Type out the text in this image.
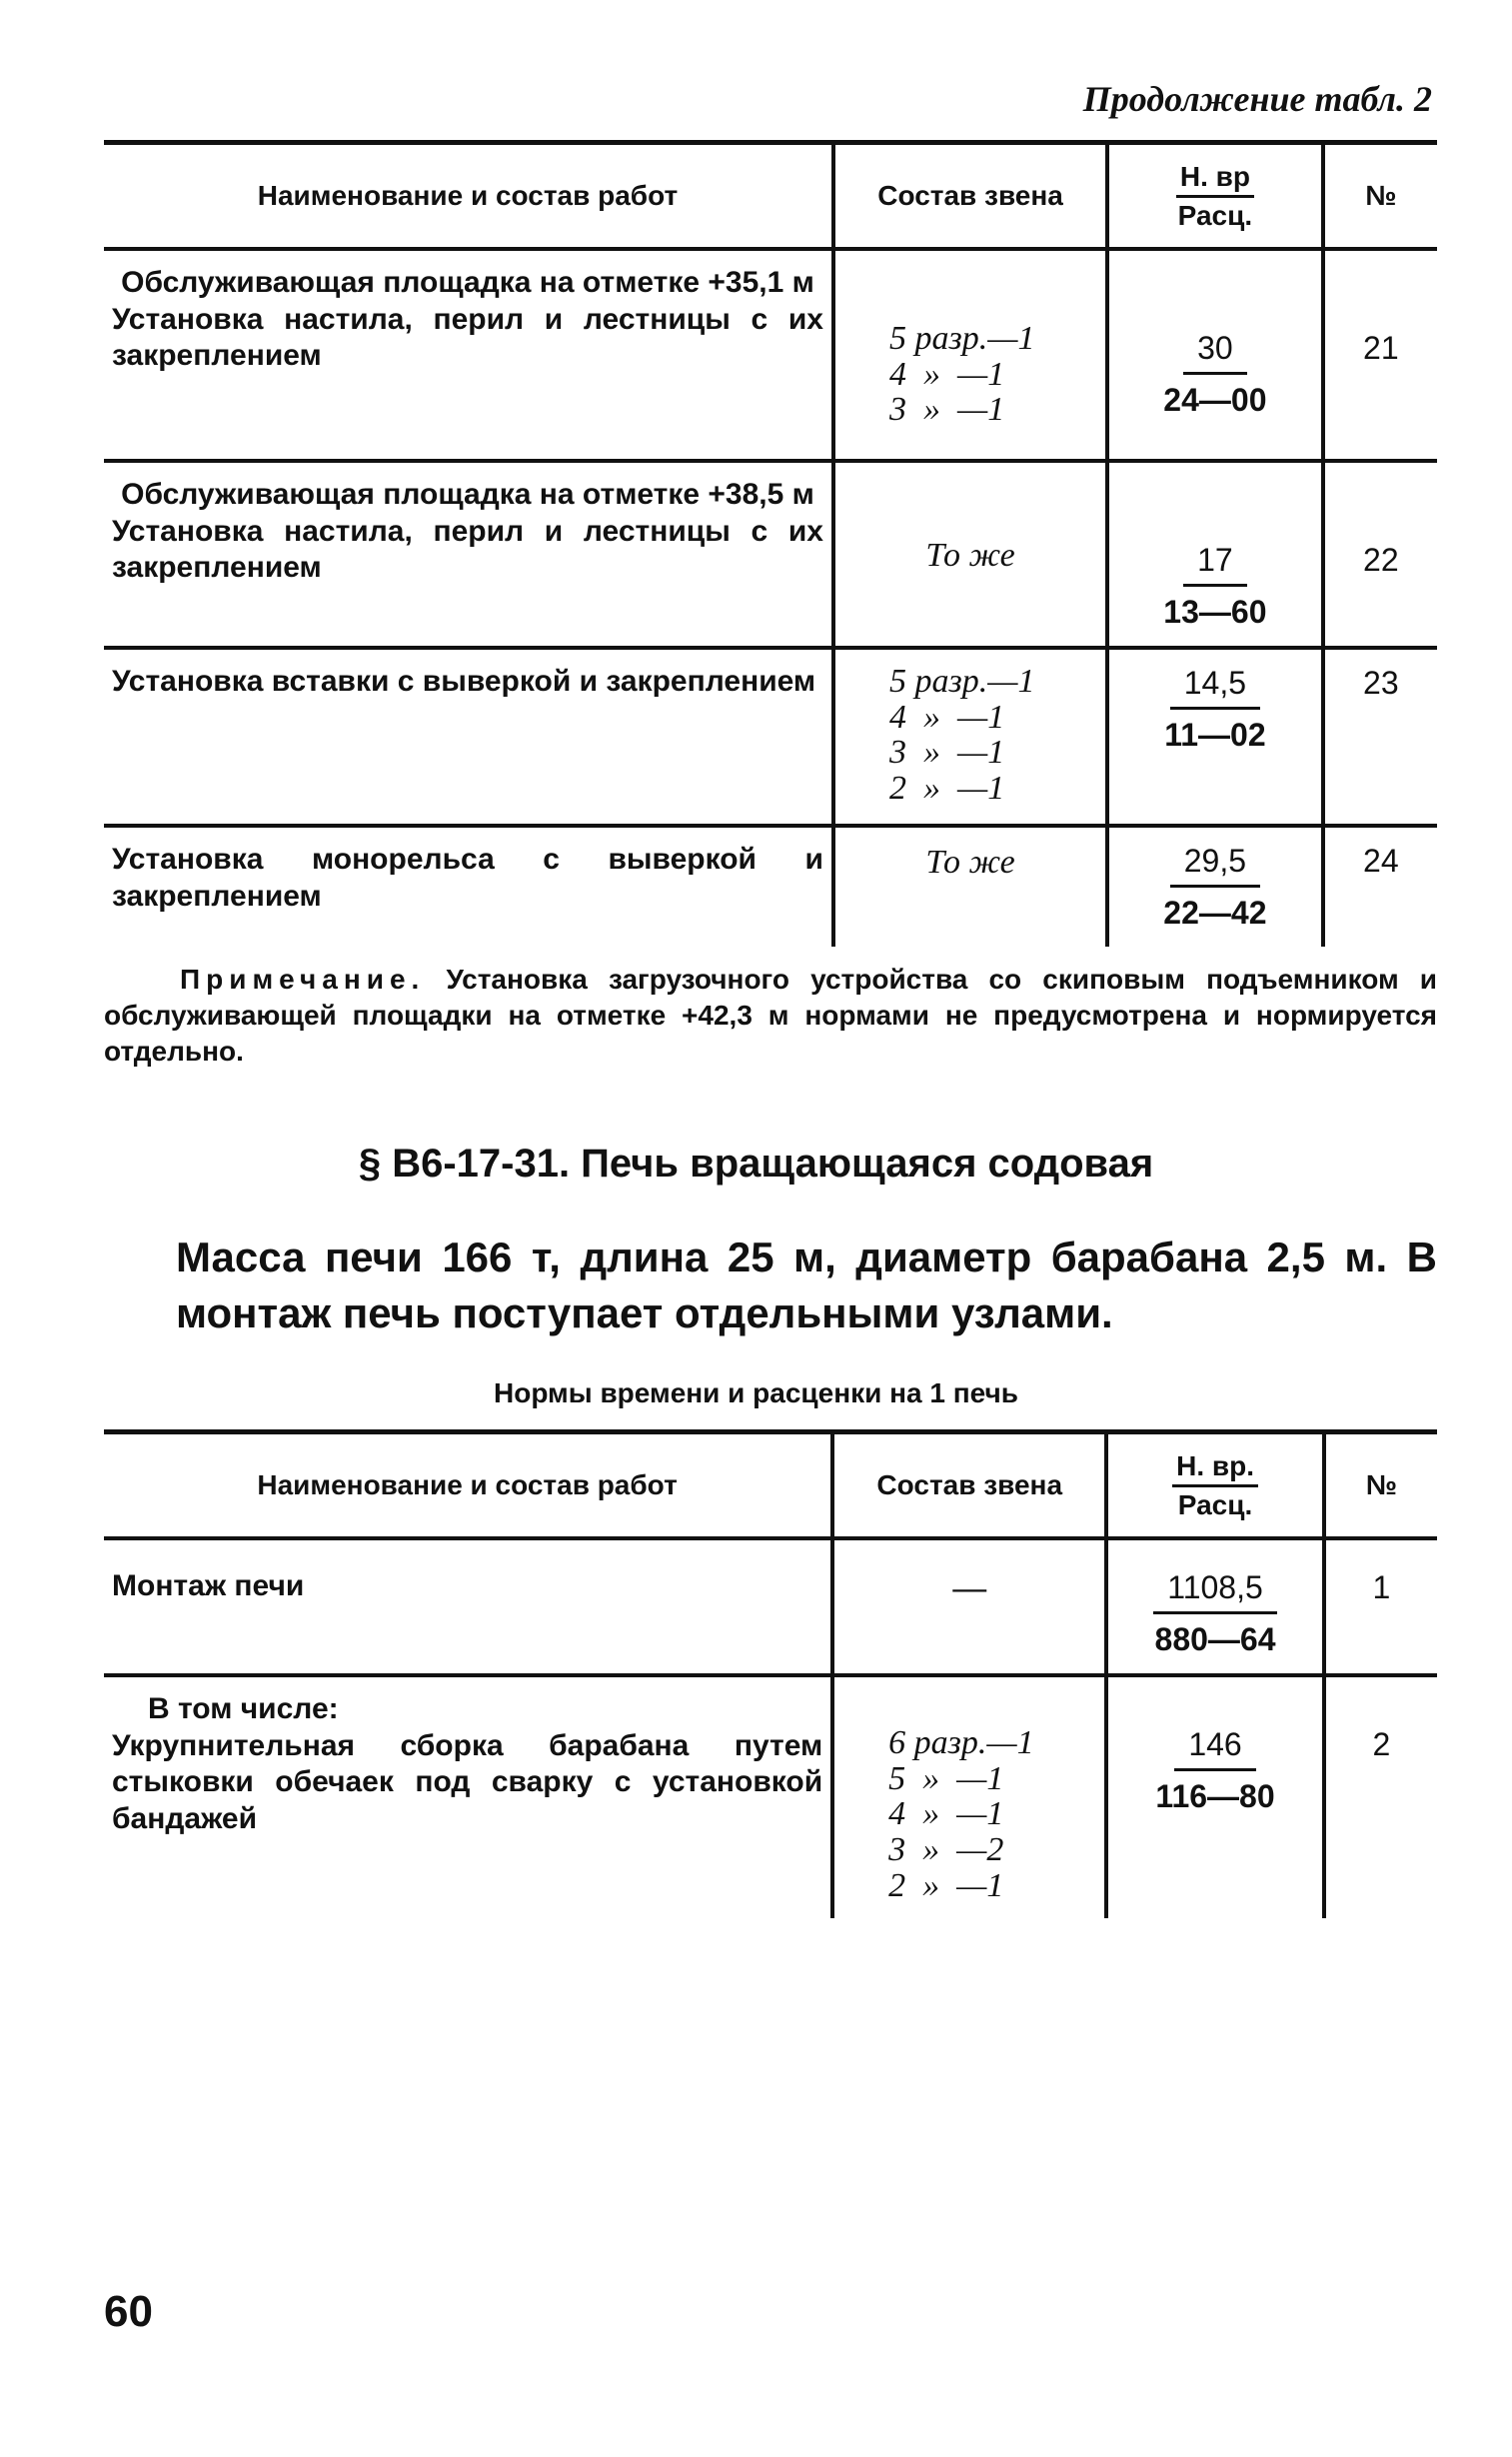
Продолжение табл. 2
Наименование и состав работ	Состав звена	$\frac{Н. вр}{\text{Расц.}}$	№

Обслуживающая площадка на отметке +35,1 м
Установка настила, перил и лестницы с их закреплением	5 разр.—1
4  »  —1
3  »  —1	30
24—00	21

Обслуживающая площадка на отметке +38,5 м
Установка настила, перил и лестницы с их закреплением	То же	17
13—60	22

Установка вставки с выверкой и закреплением	5 разр.—1
4  »  —1
3  »  —1
2  »  —1	14,5
11—02	23

Установка монорельса с выверкой и закреплением	То же	29,5
22—42	24
Примечание. Установка загрузочного устройства со скиповым подъемником и обслуживающей площадки на отметке +42,3 м нормами не предусмотрена и нормируется отдельно.
§ В6-17-31. Печь вращающаяся содовая
Масса печи 166 т, длина 25 м, диаметр барабана 2,5 м. В монтаж печь поступает отдельными узлами.
Нормы времени и расценки на 1 печь
Наименование и состав работ	Состав звена	$\frac{Н. вр.}{\text{Расц.}}$	№

Монтаж печи	—	1108,5
880—64	1

В том числе:
Укрупнительная сборка барабана путем стыковки обечаек под сварку с установкой бандажей	6 разр.—1
5  »  —1
4  »  —1
3  »  —2
2  »  —1	146
116—80	2
60
